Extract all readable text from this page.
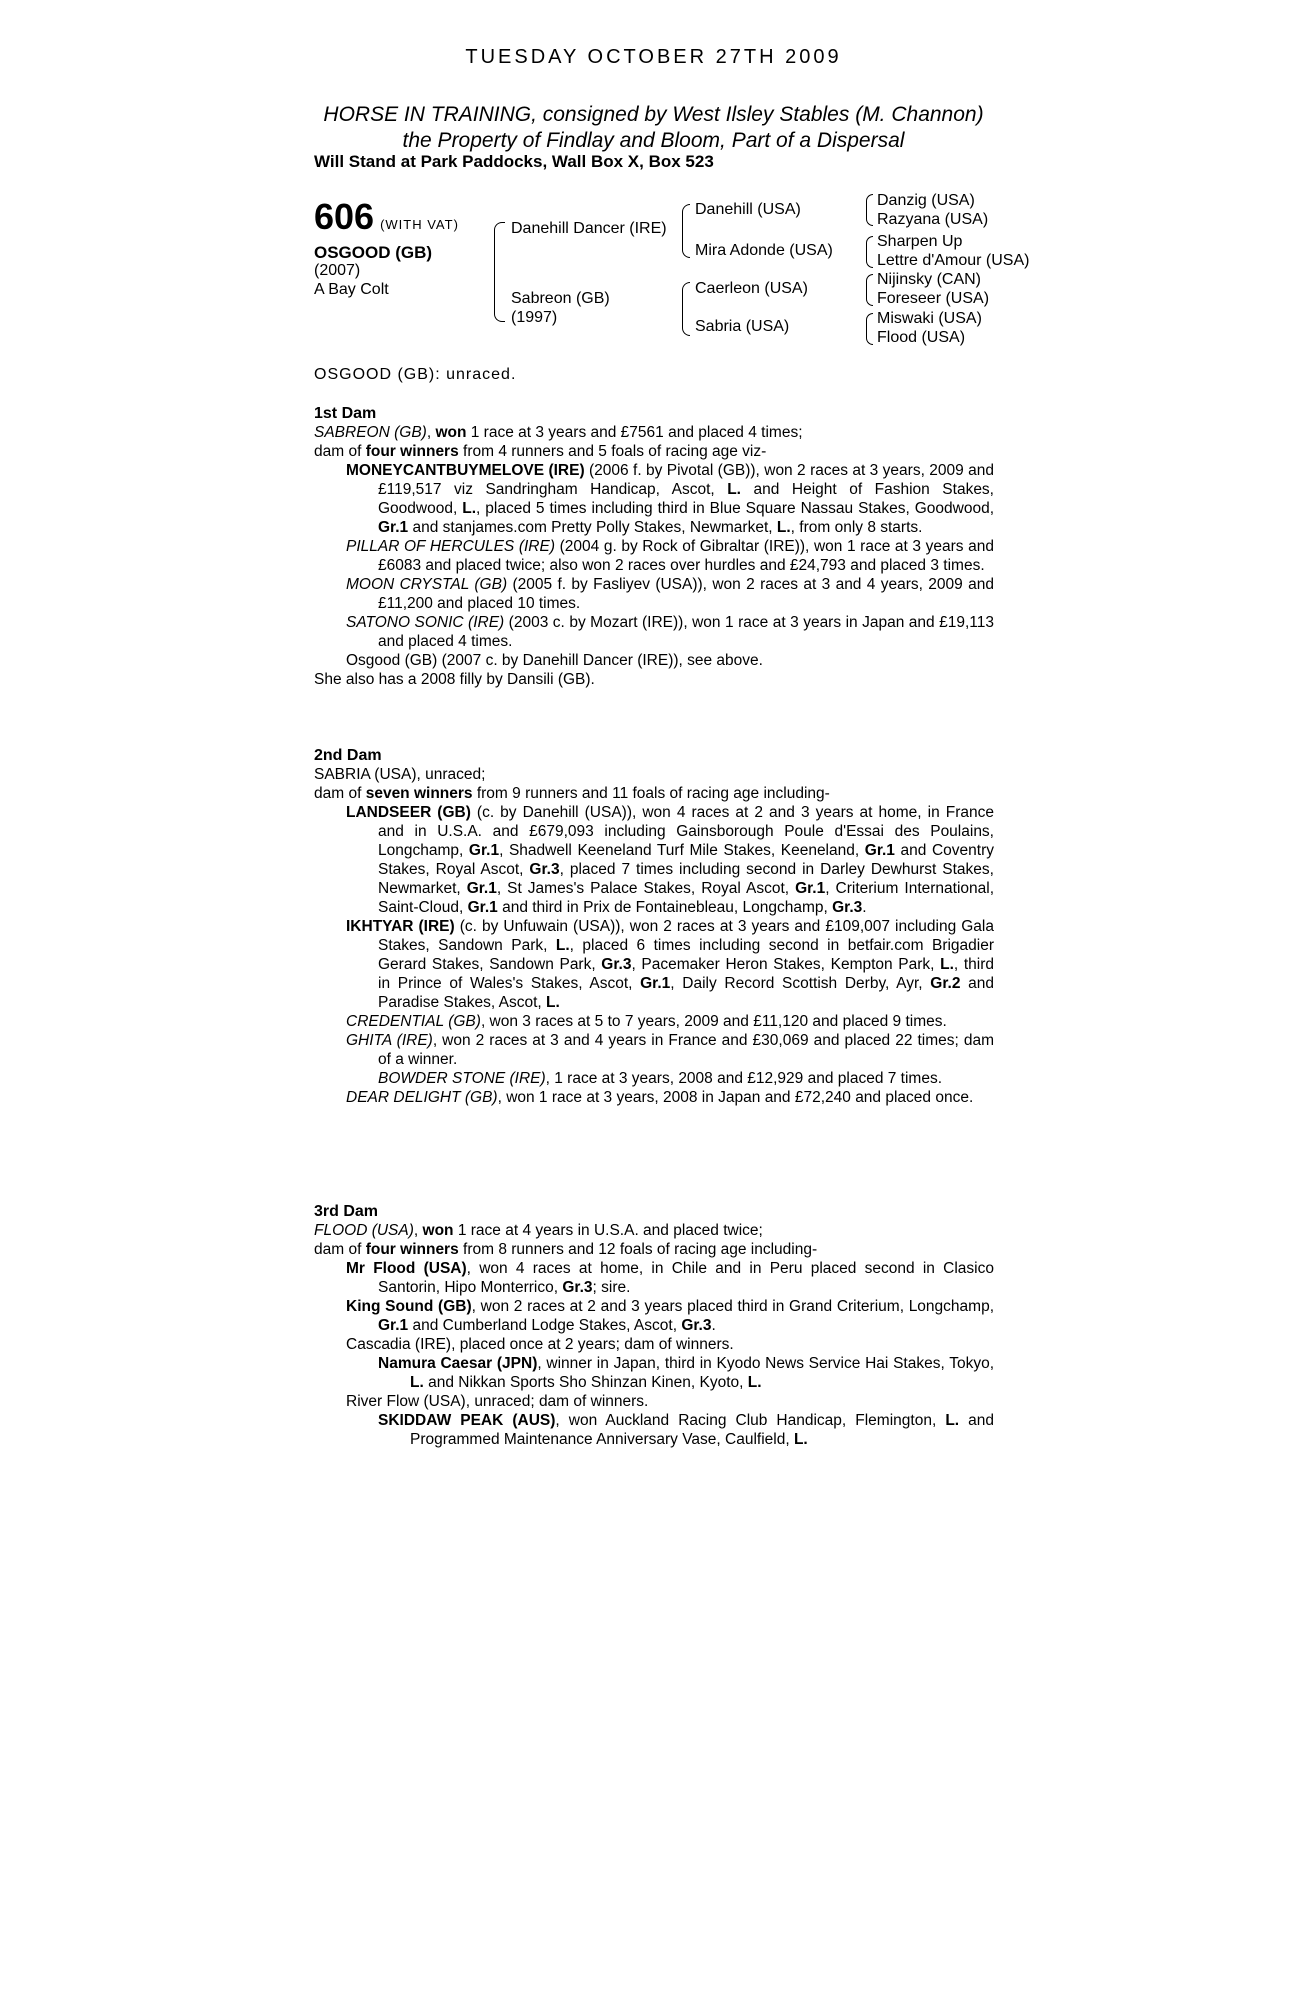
TUESDAY OCTOBER 27TH 2009
HORSE IN TRAINING, consigned by West Ilsley Stables (M. Channon)
the Property of Findlay and Bloom, Part of a Dispersal
Will Stand at Park Paddocks, Wall Box X, Box 523
606 (WITH VAT)
OSGOOD (GB)
(2007)
A Bay Colt
Danehill Dancer (IRE)
Sabreon (GB)
(1997)
Danehill (USA)
Mira Adonde (USA)
Caerleon (USA)
Sabria (USA)
Danzig (USA)
Razyana (USA)
Sharpen Up
Lettre d'Amour (USA)
Nijinsky (CAN)
Foreseer (USA)
Miswaki (USA)
Flood (USA)
OSGOOD (GB): unraced.
1st Dam
SABREON (GB), won 1 race at 3 years and £7561 and placed 4 times;
dam of four winners from 4 runners and 5 foals of racing age viz-
MONEYCANTBUYMELOVE (IRE) (2006 f. by Pivotal (GB)), won 2 races at 3 years, 2009 and £119,517 viz Sandringham Handicap, Ascot, L. and Height of Fashion Stakes, Goodwood, L., placed 5 times including third in Blue Square Nassau Stakes, Goodwood, Gr.1 and stanjames.com Pretty Polly Stakes, Newmarket, L., from only 8 starts.
PILLAR OF HERCULES (IRE) (2004 g. by Rock of Gibraltar (IRE)), won 1 race at 3 years and £6083 and placed twice; also won 2 races over hurdles and £24,793 and placed 3 times.
MOON CRYSTAL (GB) (2005 f. by Fasliyev (USA)), won 2 races at 3 and 4 years, 2009 and £11,200 and placed 10 times.
SATONO SONIC (IRE) (2003 c. by Mozart (IRE)), won 1 race at 3 years in Japan and £19,113 and placed 4 times.
Osgood (GB) (2007 c. by Danehill Dancer (IRE)), see above.
She also has a 2008 filly by Dansili (GB).
2nd Dam
SABRIA (USA), unraced;
dam of seven winners from 9 runners and 11 foals of racing age including-
LANDSEER (GB) (c. by Danehill (USA)), won 4 races at 2 and 3 years at home, in France and in U.S.A. and £679,093 including Gainsborough Poule d'Essai des Poulains, Longchamp, Gr.1, Shadwell Keeneland Turf Mile Stakes, Keeneland, Gr.1 and Coventry Stakes, Royal Ascot, Gr.3, placed 7 times including second in Darley Dewhurst Stakes, Newmarket, Gr.1, St James's Palace Stakes, Royal Ascot, Gr.1, Criterium International, Saint-Cloud, Gr.1 and third in Prix de Fontainebleau, Longchamp, Gr.3.
IKHTYAR (IRE) (c. by Unfuwain (USA)), won 2 races at 3 years and £109,007 including Gala Stakes, Sandown Park, L., placed 6 times including second in betfair.com Brigadier Gerard Stakes, Sandown Park, Gr.3, Pacemaker Heron Stakes, Kempton Park, L., third in Prince of Wales's Stakes, Ascot, Gr.1, Daily Record Scottish Derby, Ayr, Gr.2 and Paradise Stakes, Ascot, L.
CREDENTIAL (GB), won 3 races at 5 to 7 years, 2009 and £11,120 and placed 9 times.
GHITA (IRE), won 2 races at 3 and 4 years in France and £30,069 and placed 22 times; dam of a winner.
BOWDER STONE (IRE), 1 race at 3 years, 2008 and £12,929 and placed 7 times.
DEAR DELIGHT (GB), won 1 race at 3 years, 2008 in Japan and £72,240 and placed once.
3rd Dam
FLOOD (USA), won 1 race at 4 years in U.S.A. and placed twice;
dam of four winners from 8 runners and 12 foals of racing age including-
Mr Flood (USA), won 4 races at home, in Chile and in Peru placed second in Clasico Santorin, Hipo Monterrico, Gr.3; sire.
King Sound (GB), won 2 races at 2 and 3 years placed third in Grand Criterium, Longchamp, Gr.1 and Cumberland Lodge Stakes, Ascot, Gr.3.
Cascadia (IRE), placed once at 2 years; dam of winners.
Namura Caesar (JPN), winner in Japan, third in Kyodo News Service Hai Stakes, Tokyo, L. and Nikkan Sports Sho Shinzan Kinen, Kyoto, L.
River Flow (USA), unraced; dam of winners.
SKIDDAW PEAK (AUS), won Auckland Racing Club Handicap, Flemington, L. and Programmed Maintenance Anniversary Vase, Caulfield, L.
